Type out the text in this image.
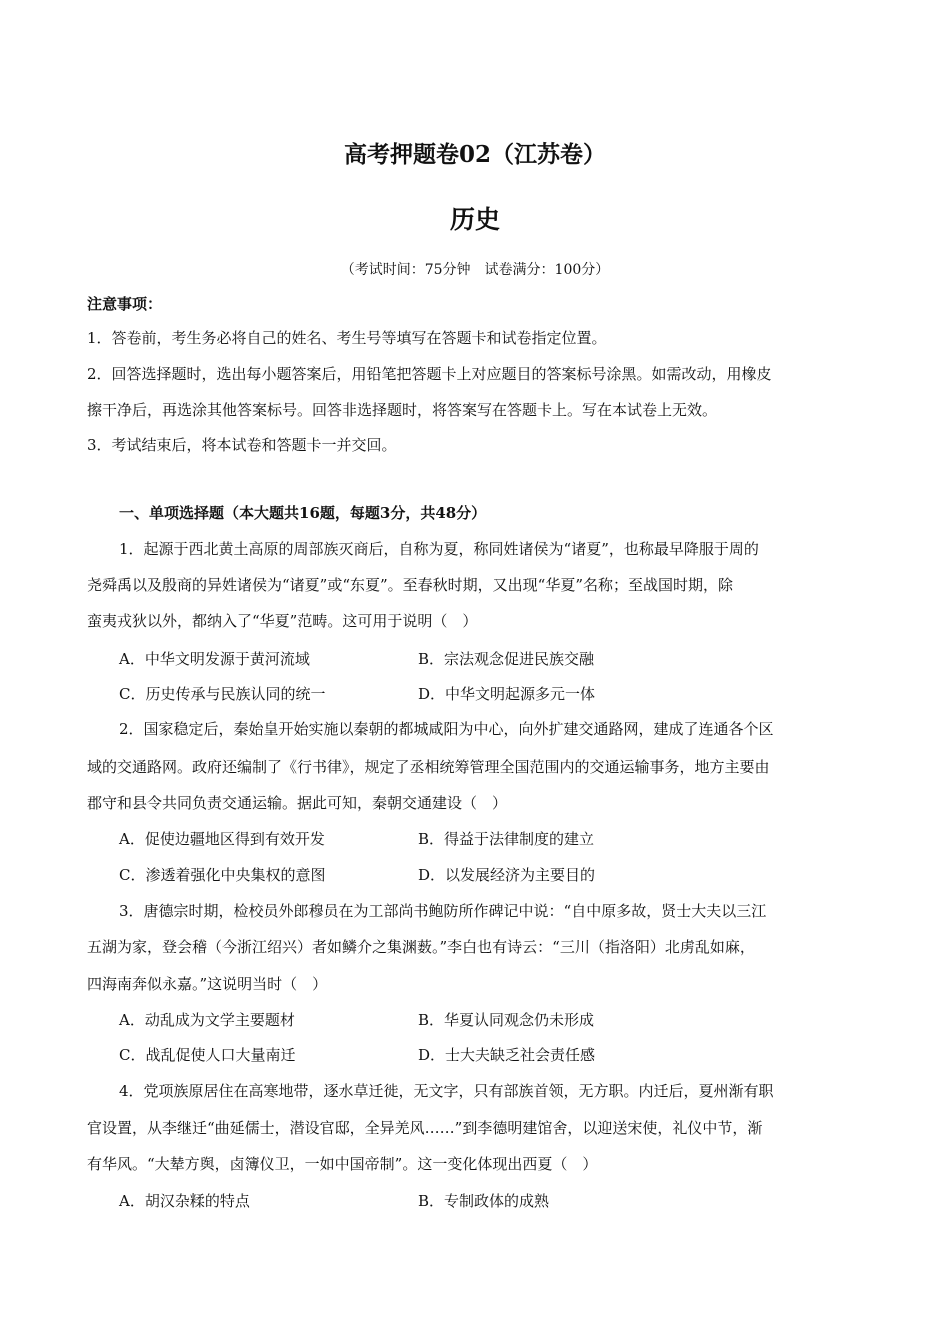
高考押题卷02（江苏卷）
历史
（考试时间：75分钟　试卷满分：100分）
注意事项：
1．答卷前，考生务必将自己的姓名、考生号等填写在答题卡和试卷指定位置。
2．回答选择题时，选出每小题答案后，用铅笔把答题卡上对应题目的答案标号涂黑。如需改动，用橡皮
擦干净后，再选涂其他答案标号。回答非选择题时，将答案写在答题卡上。写在本试卷上无效。
3．考试结束后，将本试卷和答题卡一并交回。
一、单项选择题（本大题共16题，每题3分，共48分）
1．起源于西北黄土高原的周部族灭商后，自称为夏，称同姓诸侯为“诸夏”，也称最早降服于周的
尧舜禹以及殷商的异姓诸侯为“诸夏”或“东夏”。至春秋时期，又出现“华夏”名称；至战国时期，除
蛮夷戎狄以外，都纳入了“华夏”范畴。这可用于说明（　）
A．中华文明发源于黄河流域	B．宗法观念促进民族交融
C．历史传承与民族认同的统一	D．中华文明起源多元一体
2．国家稳定后，秦始皇开始实施以秦朝的都城咸阳为中心，向外扩建交通路网，建成了连通各个区
域的交通路网。政府还编制了《行书律》，规定了丞相统筹管理全国范围内的交通运输事务，地方主要由
郡守和县令共同负责交通运输。据此可知，秦朝交通建设（　）
A．促使边疆地区得到有效开发	B．得益于法律制度的建立
C．渗透着强化中央集权的意图	D．以发展经济为主要目的
3．唐德宗时期，检校员外郎穆员在为工部尚书鲍防所作碑记中说：“自中原多故，贤士大夫以三江
五湖为家，登会稽（今浙江绍兴）者如鳞介之集渊薮。”李白也有诗云：“三川（指洛阳）北虏乱如麻，
四海南奔似永嘉。”这说明当时（　）
A．动乱成为文学主要题材	B．华夏认同观念仍未形成
C．战乱促使人口大量南迁	D．士大夫缺乏社会责任感
4．党项族原居住在高寒地带，逐水草迁徙，无文字，只有部族首领，无方职。内迁后，夏州渐有职
官设置，从李继迁“曲延儒士，潜设官邸，全异羌风……”到李德明建馆舍，以迎送宋使，礼仪中节，渐
有华风。“大辇方舆，卤簿仪卫，一如中国帝制”。这一变化体现出西夏（　）
A．胡汉杂糅的特点	B．专制政体的成熟
